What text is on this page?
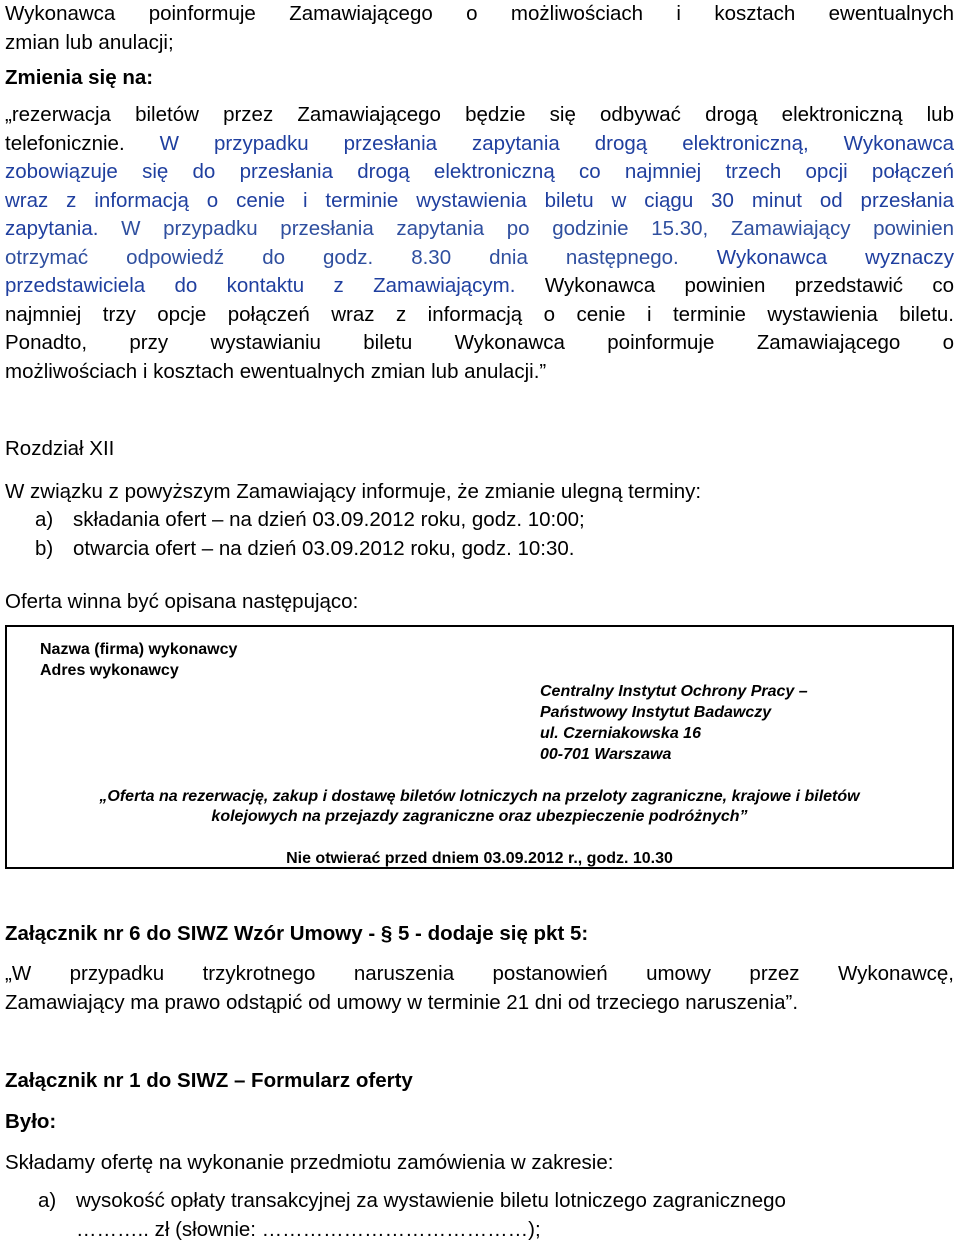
Wykonawca poinformuje Zamawiającego o możliwościach i kosztach ewentualnych
zmian lub anulacji;
Zmienia się na:
„rezerwacja biletów przez Zamawiającego będzie się odbywać drogą elektroniczną lub
telefonicznie. W przypadku przesłania zapytania drogą elektroniczną, Wykonawca
zobowiązuje się do przesłania drogą elektroniczną co najmniej trzech opcji połączeń
wraz z informacją o cenie i terminie wystawienia biletu w ciągu 30 minut od przesłania
zapytania. W przypadku przesłania zapytania po godzinie 15.30, Zamawiający powinien
otrzymać odpowiedź do godz. 8.30 dnia następnego. Wykonawca wyznaczy
przedstawiciela do kontaktu z Zamawiającym. Wykonawca powinien przedstawić co
najmniej trzy opcje połączeń wraz z informacją o cenie i terminie wystawienia biletu.
Ponadto, przy wystawianiu biletu Wykonawca poinformuje Zamawiającego o
możliwościach i kosztach ewentualnych zmian lub anulacji.”
Rozdział XII
W związku z powyższym Zamawiający informuje, że zmianie ulegną terminy:
a) składania ofert – na dzień 03.09.2012 roku, godz. 10:00;
b) otwarcia ofert – na dzień 03.09.2012 roku, godz. 10:30.
Oferta winna być opisana następująco:
Nazwa (firma) wykonawcy
Adres wykonawcy
Centralny Instytut Ochrony Pracy –
Państwowy Instytut Badawczy
ul. Czerniakowska 16
00-701 Warszawa
„Oferta na rezerwację, zakup i dostawę biletów lotniczych na przeloty zagraniczne, krajowe i biletów
kolejowych na przejazdy zagraniczne oraz ubezpieczenie podróżnych”
Nie otwierać przed dniem 03.09.2012 r., godz. 10.30
Załącznik nr 6 do SIWZ Wzór Umowy - § 5 - dodaje się pkt 5:
„W przypadku trzykrotnego naruszenia postanowień umowy przez Wykonawcę,
Zamawiający ma prawo odstąpić od umowy w terminie 21 dni od trzeciego naruszenia”.
Załącznik nr 1 do SIWZ – Formularz oferty
Było:
Składamy ofertę na wykonanie przedmiotu zamówienia w zakresie:
a) wysokość opłaty transakcyjnej za wystawienie biletu lotniczego zagranicznego
……….. zł (słownie: …………………………………);
